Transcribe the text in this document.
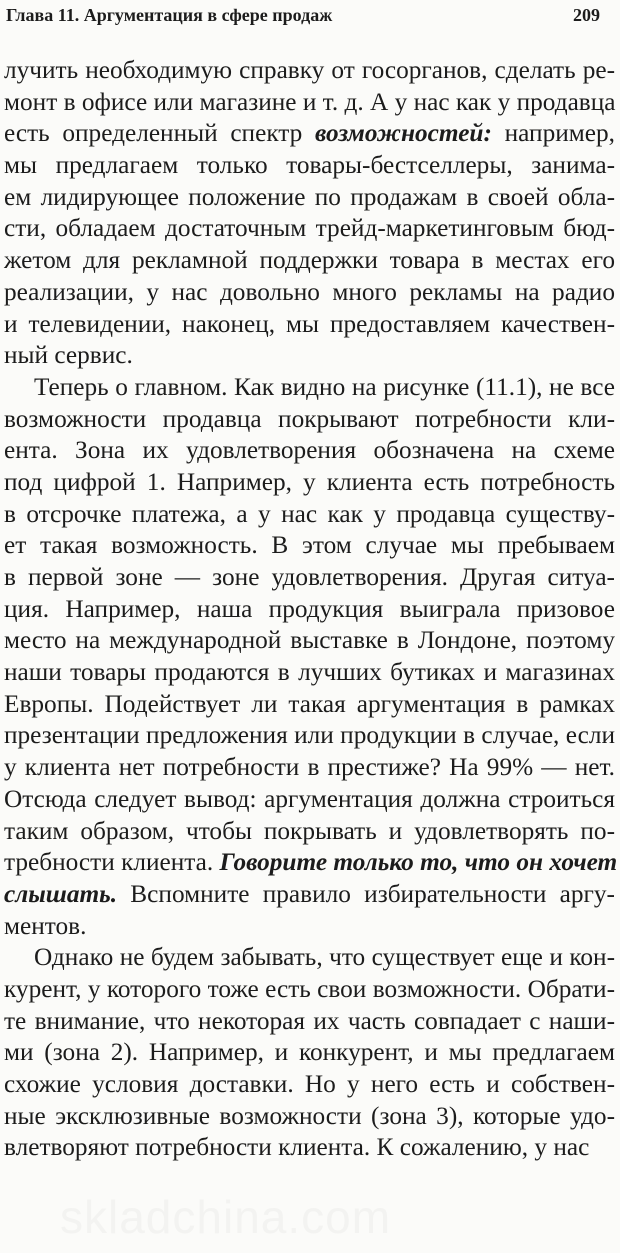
Глава 11. Аргументация в сфере продаж	209
лучить необходимую справку от госорганов, сделать ре-
монт в офисе или магазине и т. д. А у нас как у продавца
есть определенный спектр возможностей: например,
мы предлагаем только товары-бестселлеры, занима-
ем лидирующее положение по продажам в своей обла-
сти, обладаем достаточным трейд-маркетинговым бюд-
жетом для рекламной поддержки товара в местах его
реализации, у нас довольно много рекламы на радио
и телевидении, наконец, мы предоставляем качествен-
ный сервис.
Теперь о главном. Как видно на рисунке (11.1), не все
возможности продавца покрывают потребности кли-
ента. Зона их удовлетворения обозначена на схеме
под цифрой 1. Например, у клиента есть потребность
в отсрочке платежа, а у нас как у продавца существу-
ет такая возможность. В этом случае мы пребываем
в первой зоне — зоне удовлетворения. Другая ситуа-
ция. Например, наша продукция выиграла призовое
место на международной выставке в Лондоне, поэтому
наши товары продаются в лучших бутиках и магазинах
Европы. Подействует ли такая аргументация в рамках
презентации предложения или продукции в случае, если
у клиента нет потребности в престиже? На 99% — нет.
Отсюда следует вывод: аргументация должна строиться
таким образом, чтобы покрывать и удовлетворять по-
требности клиента. Говорите только то, что он хочет
слышать. Вспомните правило избирательности аргу-
ментов.
Однако не будем забывать, что существует еще и кон-
курент, у которого тоже есть свои возможности. Обрати-
те внимание, что некоторая их часть совпадает с наши-
ми (зона 2). Например, и конкурент, и мы предлагаем
схожие условия доставки. Но у него есть и собствен-
ные эксклюзивные возможности (зона 3), которые удо-
влетворяют потребности клиента. К сожалению, у нас
skladchina.com
